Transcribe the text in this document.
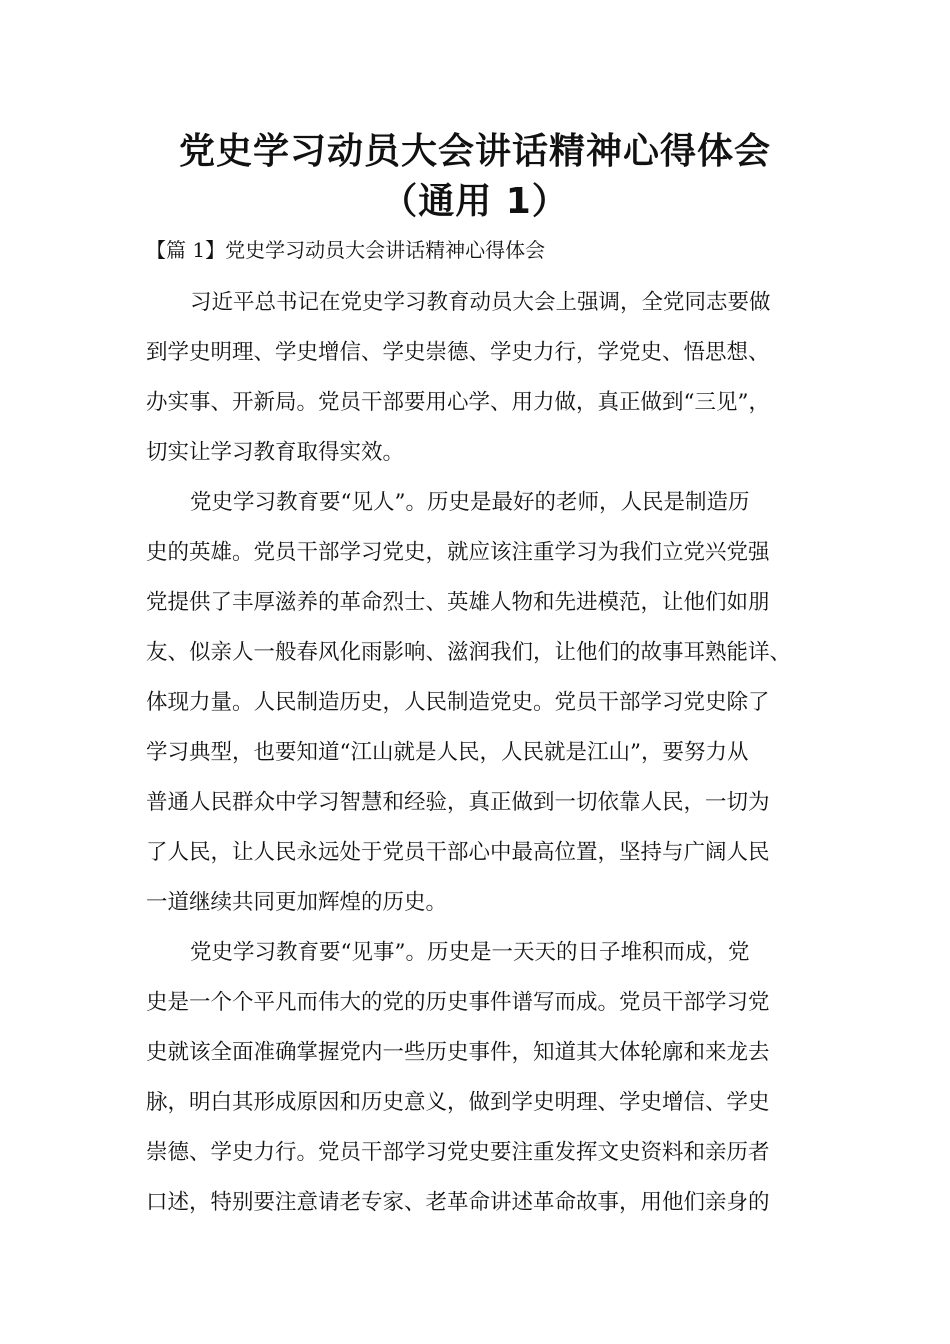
党史学习动员大会讲话精神心得体会
（通用 1）
【篇 1】党史学习动员大会讲话精神心得体会
习近平总书记在党史学习教育动员大会上强调，全党同志要做
到学史明理、学史增信、学史崇德、学史力行，学党史、悟思想、
办实事、开新局。党员干部要用心学、用力做，真正做到“三见”，
切实让学习教育取得实效。
党史学习教育要“见人”。历史是最好的老师，人民是制造历
史的英雄。党员干部学习党史，就应该注重学习为我们立党兴党强
党提供了丰厚滋养的革命烈士、英雄人物和先进模范，让他们如朋
友、似亲人一般春风化雨影响、滋润我们，让他们的故事耳熟能详、
体现力量。人民制造历史，人民制造党史。党员干部学习党史除了
学习典型，也要知道“江山就是人民，人民就是江山”，要努力从
普通人民群众中学习智慧和经验，真正做到一切依靠人民，一切为
了人民，让人民永远处于党员干部心中最高位置，坚持与广阔人民
一道继续共同更加辉煌的历史。
党史学习教育要“见事”。历史是一天天的日子堆积而成，党
史是一个个平凡而伟大的党的历史事件谱写而成。党员干部学习党
史就该全面准确掌握党内一些历史事件，知道其大体轮廓和来龙去
脉，明白其形成原因和历史意义，做到学史明理、学史增信、学史
崇德、学史力行。党员干部学习党史要注重发挥文史资料和亲历者
口述，特别要注意请老专家、老革命讲述革命故事，用他们亲身的
